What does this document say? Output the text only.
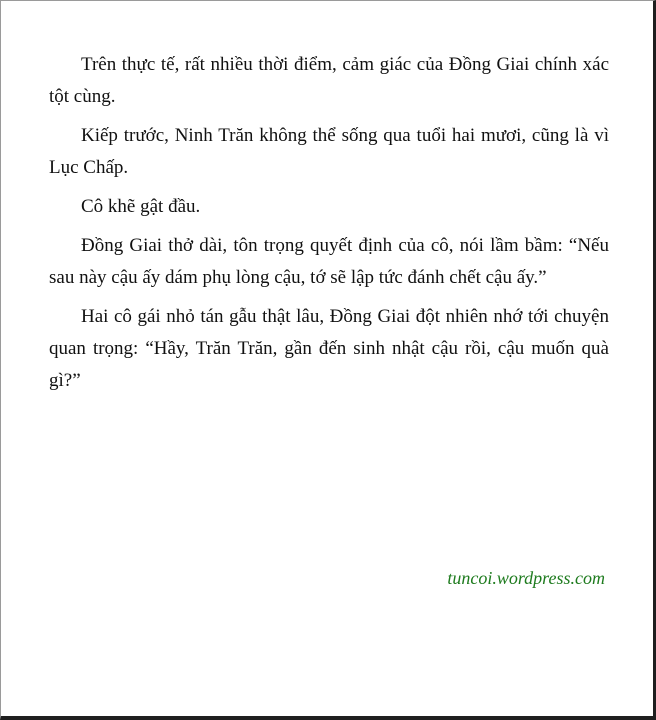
Trên thực tế, rất nhiều thời điểm, cảm giác của Đồng Giai chính xác tột cùng.

Kiếp trước, Ninh Trăn không thể sống qua tuổi hai mươi, cũng là vì Lục Chấp.

Cô khẽ gật đầu.

Đồng Giai thở dài, tôn trọng quyết định của cô, nói lầm bầm: “Nếu sau này cậu ấy dám phụ lòng cậu, tớ sẽ lập tức đánh chết cậu ấy.”

Hai cô gái nhỏ tán gẫu thật lâu, Đồng Giai đột nhiên nhớ tới chuyện quan trọng: “Hầy, Trăn Trăn, gần đến sinh nhật cậu rồi, cậu muốn quà gì?”

tuncoi.wordpress.com
